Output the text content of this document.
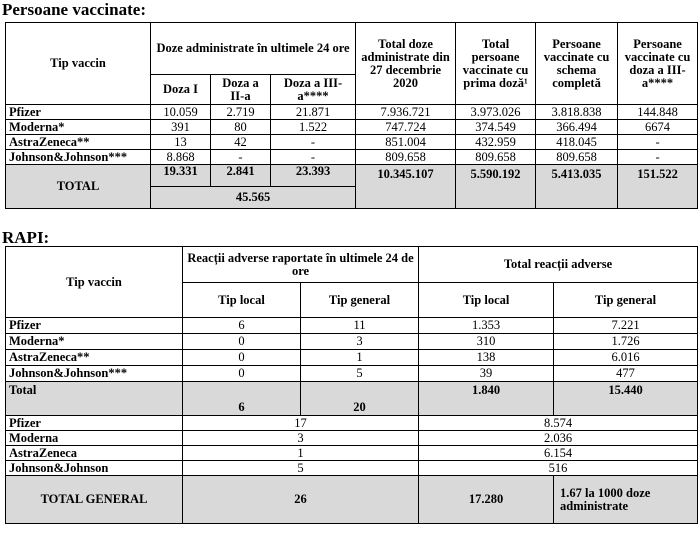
Persoane vaccinate:
Tip vaccin	Doze administrate în ultimele 24 ore			Total doze administrate din 27 decembrie 2020	Total persoane vaccinate cu prima doză¹	Persoane vaccinate cu schema completă	Persoane vaccinate cu doza a III-a****
	Doza I	Doza a II-a	Doza a III-a****				
Pfizer	10.059	2.719	21.871	7.936.721	3.973.026	3.818.838	144.848
Moderna*	391	80	1.522	747.724	374.549	366.494	6674
AstraZeneca**	13	42	-	851.004	432.959	418.045	-
Johnson&Johnson***	8.868	-	-	809.658	809.658	809.658	-
TOTAL	19.331	2.841	23.393	10.345.107	5.590.192	5.413.035	151.522
	45.565						
RAPI:
Tip vaccin	Reacții adverse raportate în ultimele 24 de ore		Total reacții adverse	
	Tip local	Tip general	Tip local	Tip general
Pfizer	6	11	1.353	7.221
Moderna*	0	3	310	1.726
AstraZeneca**	0	1	138	6.016
Johnson&Johnson***	0	5	39	477
Total	6	20	1.840	15.440
Pfizer	17		8.574	
Moderna	3		2.036	
AstraZeneca	1		6.154	
Johnson&Johnson	5		516	
TOTAL GENERAL	26		17.280	1.67 la 1000 doze administrate
